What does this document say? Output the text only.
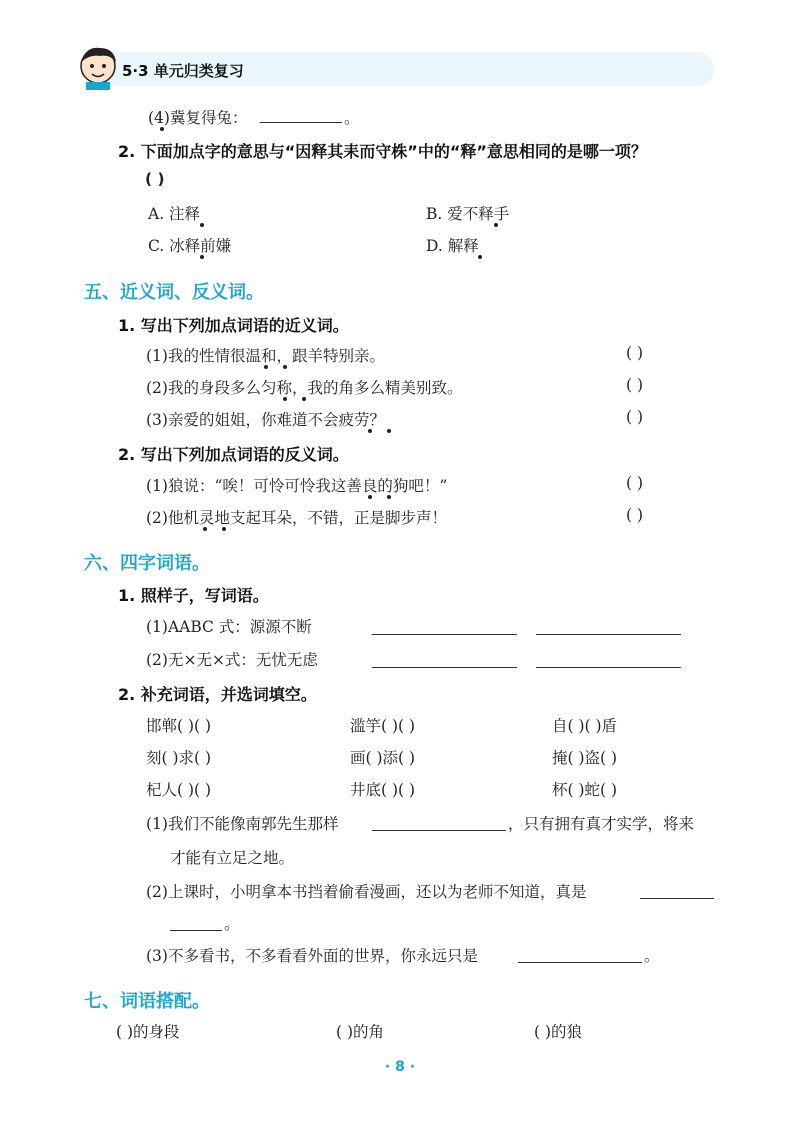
5·3 单元归类复习
(4)冀复得兔：	。
2. 下面加点字的意思与“因释其耒而守株”中的“释”意思相同的是哪一项？
( )
A. 注释	B. 爱不释手
C. 冰释前嫌	D. 解释
五、近义词、反义词。
1. 写出下列加点词语的近义词。
(1)我的性情很温和，跟羊特别亲。	( )
(2)我的身段多么匀称，我的角多么精美别致。	( )
(3)亲爱的姐姐，你难道不会疲劳？	( )
2. 写出下列加点词语的反义词。
(1)狼说：“唉！可怜可怜我这善良的狗吧！”	( )
(2)他机灵地支起耳朵，不错，正是脚步声！	( )
六、四字词语。
1. 照样子，写词语。
(1)AABC 式：源源不断
(2)无×无×式：无忧无虑
2. 补充词语，并选词填空。
邯郸( )( )	滥竽( )( )	自( )( )盾
刻( )求( )	画( )添( )	掩( )盗( )
杞人( )( )	井底( )( )	杯( )蛇( )
(1)我们不能像南郭先生那样	，只有拥有真才实学，将来
才能有立足之地。
(2)上课时，小明拿本书挡着偷看漫画，还以为老师不知道，真是
。
(3)不多看书，不多看看外面的世界，你永远只是	。
七、词语搭配。
( )的身段	( )的角	( )的狼
· 8 ·
